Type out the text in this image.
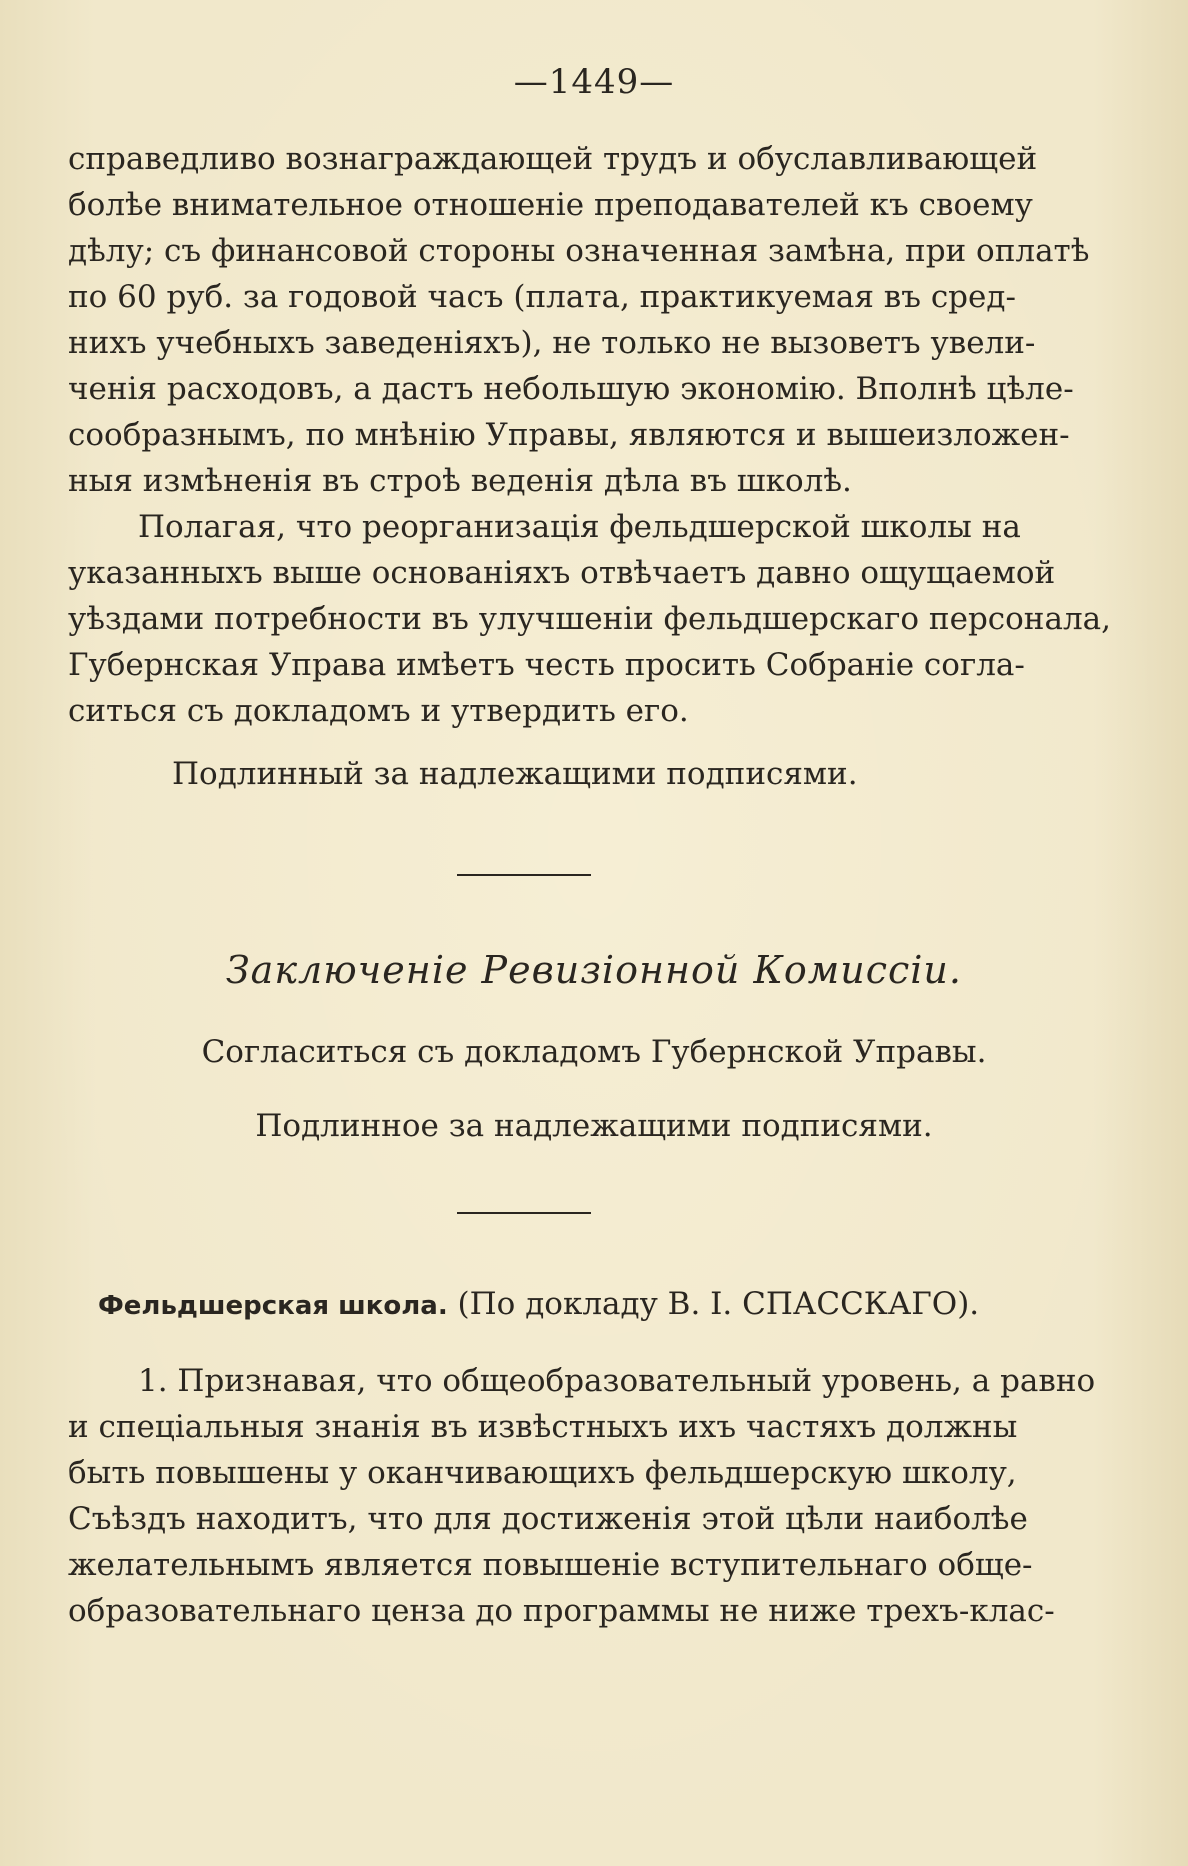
—1449—
справедливо вознаграждающей трудъ и обуславливающей
болѣе внимательное отношеніе преподавателей къ своему
дѣлу; съ финансовой стороны означенная замѣна, при оплатѣ
по 60 руб. за годовой часъ (плата, практикуемая въ сред-
нихъ учебныхъ заведеніяхъ), не только не вызоветъ увели-
ченія расходовъ, а дастъ небольшую экономію. Вполнѣ цѣле-
сообразнымъ, по мнѣнію Управы, являются и вышеизложен-
ныя измѣненія въ строѣ веденія дѣла въ школѣ.
Полагая, что реорганизація фельдшерской школы на
указанныхъ выше основаніяхъ отвѣчаетъ давно ощущаемой
уѣздами потребности въ улучшеніи фельдшерскаго персонала,
Губернская Управа имѣетъ честь просить Собраніе согла-
ситься съ докладомъ и утвердить его.
Подлинный за надлежащими подписями.
Заключеніе Ревизіонной Комиссіи.
Согласиться съ докладомъ Губернской Управы.
Подлинное за надлежащими подписями.
Фельдшерская школа. (По докладу В. І. СПАССКАГО).
1. Признавая, что общеобразовательный уровень, а равно
и спеціальныя знанія въ извѣстныхъ ихъ частяхъ должны
быть повышены у оканчивающихъ фельдшерскую школу,
Съѣздъ находитъ, что для достиженія этой цѣли наиболѣе
желательнымъ является повышеніе вступительнаго обще-
образовательнаго ценза до программы не ниже трехъ-клас-
